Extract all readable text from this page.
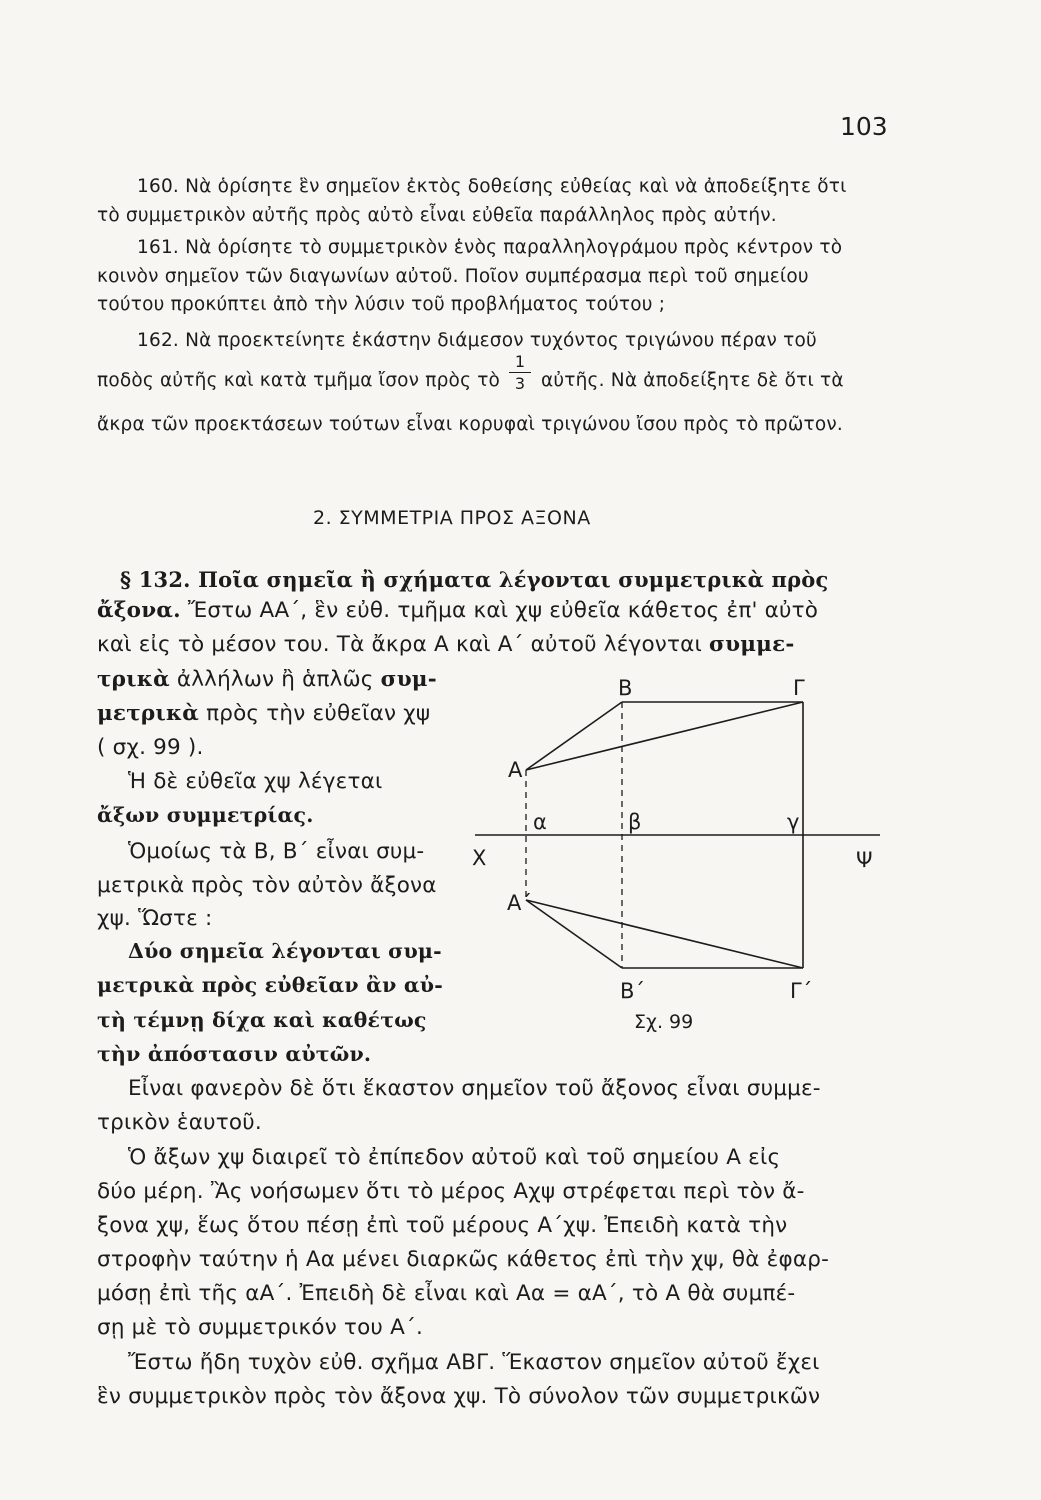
103
160. Νὰ ὁρίσητε ἓν σημεῖον ἐκτὸς δοθείσης εὐθείας καὶ νὰ ἀποδείξητε ὅτι
τὸ συμμετρικὸν αὐτῆς πρὸς αὐτὸ εἶναι εὐθεῖα παράλληλος πρὸς αὐτήν.
161. Νὰ ὁρίσητε τὸ συμμετρικὸν ἑνὸς παραλληλογράμου πρὸς κέντρον τὸ
κοινὸν σημεῖον τῶν διαγωνίων αὐτοῦ. Ποῖον συμπέρασμα περὶ τοῦ σημείου
τούτου προκύπτει ἀπὸ τὴν λύσιν τοῦ προβλήματος τούτου ;
162. Νὰ προεκτείνητε ἑκάστην διάμεσον τυχόντος τριγώνου πέραν τοῦ
ποδὸς αὐτῆς καὶ κατὰ τμῆμα ἴσον πρὸς τὸ
1
3 αὐτῆς. Νὰ ἀποδείξητε δὲ ὅτι τὰ
ἄκρα τῶν προεκτάσεων τούτων εἶναι κορυφαὶ τριγώνου ἴσου πρὸς τὸ πρῶτον.
2. ΣΥΜΜΕΤΡΙΑ ΠΡΟΣ ΑΞΟΝΑ
§ 132. Ποῖα σημεῖα ἢ σχήματα λέγονται συμμετρικὰ πρὸς
ἄξονα. Ἔστω ΑΑ΄, ἓν εὐθ. τμῆμα καὶ χψ εὐθεῖα κάθετος ἐπ' αὐτὸ
καὶ εἰς τὸ μέσον του. Τὰ ἄκρα Α καὶ Α΄ αὐτοῦ λέγονται συμμε-
τρικὰ ἀλλήλων ἢ ἁπλῶς συμ-
μετρικὰ πρὸς τὴν εὐθεῖαν χψ
( σχ. 99 ).
Ἡ δὲ εὐθεῖα χψ λέγεται
ἄξων συμμετρίας.
Ὁμοίως τὰ Β, Β΄ εἶναι συμ-
μετρικὰ πρὸς τὸν αὐτὸν ἄξονα
χψ. Ὥστε :
Δύο σημεῖα λέγονται συμ-
μετρικὰ πρὸς εὐθεῖαν ἂν αὐ-
τὴ τέμνῃ δίχα καὶ καθέτως
τὴν ἀπόστασιν αὐτῶν.
Β	Γ
Α
α	β	γ
Χ	Ψ
Α΄
Β΄	Γ΄
Σχ. 99
Εἶναι φανερὸν δὲ ὅτι ἕκαστον σημεῖον τοῦ ἄξονος εἶναι συμμε-
τρικὸν ἑαυτοῦ.
Ὁ ἄξων χψ διαιρεῖ τὸ ἐπίπεδον αὐτοῦ καὶ τοῦ σημείου Α εἰς
δύο μέρη. Ἂς νοήσωμεν ὅτι τὸ μέρος Αχψ στρέφεται περὶ τὸν ἄ-
ξονα χψ, ἕως ὅτου πέσῃ ἐπὶ τοῦ μέρους Α΄χψ. Ἐπειδὴ κατὰ τὴν
στροφὴν ταύτην ἡ Αα μένει διαρκῶς κάθετος ἐπὶ τὴν χψ, θὰ ἐφαρ-
μόσῃ ἐπὶ τῆς αΑ΄. Ἐπειδὴ δὲ εἶναι καὶ Αα = αΑ΄, τὸ Α θὰ συμπέ-
σῃ μὲ τὸ συμμετρικόν του Α΄.
Ἔστω ἤδη τυχὸν εὐθ. σχῆμα ΑΒΓ. Ἕκαστον σημεῖον αὐτοῦ ἔχει
ἓν συμμετρικὸν πρὸς τὸν ἄξονα χψ. Τὸ σύνολον τῶν συμμετρικῶν
